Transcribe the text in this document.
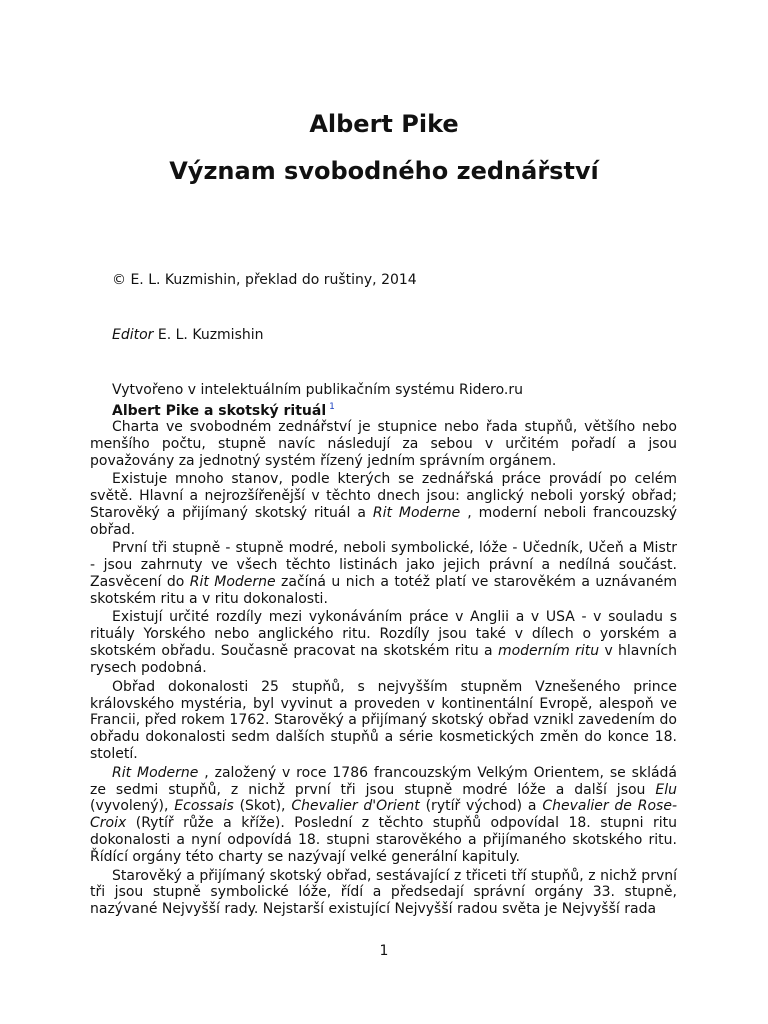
Albert Pike
Význam svobodného zednářství

© E. L. Kuzmishin, překlad do ruštiny, 2014

Editor E. L. Kuzmishin

Vytvořeno v intelektuálním publikačním systému Ridero.ru

Albert Pike a skotský rituál $^1$

Charta ve svobodném zednářství je stupnice nebo řada stupňů, většího nebo menšího počtu, stupně navíc následují za sebou v určitém pořadí a jsou považovány za jednotný systém řízený jedním správním orgánem.

Existuje mnoho stanov, podle kterých se zednářská práce provádí po celém světě. Hlavní a nejrozšířenější v těchto dnech jsou: anglický neboli yorský obřad; Starověký a přijímaný skotský rituál a Rit Moderne , moderní neboli francouzský obřad.

První tři stupně - stupně modré, neboli symbolické, lóže - Učedník, Učeň a Mistr - jsou zahrnuty ve všech těchto listinách jako jejich právní a nedílná součást. Zasvěcení do Rit Moderne začíná u nich a totéž platí ve starověkém a uznávaném skotském ritu a v ritu dokonalosti.

Existují určité rozdíly mezi vykonáváním práce v Anglii a v USA - v souladu s rituály Yorského nebo anglického ritu. Rozdíly jsou také v dílech o yorském a skotském obřadu. Současně pracovat na skotském ritu a moderním ritu v hlavních rysech podobná.

Obřad dokonalosti 25 stupňů, s nejvyšším stupněm Vznešeného prince královského mystéria, byl vyvinut a proveden v kontinentální Evropě, alespoň ve Francii, před rokem 1762. Starověký a přijímaný skotský obřad vznikl zavedením do obřadu dokonalosti sedm dalších stupňů a série kosmetických změn do konce 18. století.

Rit Moderne , založený v roce 1786 francouzským Velkým Orientem, se skládá ze sedmi stupňů, z nichž první tři jsou stupně modré lóže a další jsou Elu (vyvolený), Ecossais (Skot), Chevalier d'Orient (rytíř východ) a Chevalier de Rose-Croix (Rytíř růže a kříže). Poslední z těchto stupňů odpovídal 18. stupni ritu dokonalosti a nyní odpovídá 18. stupni starověkého a přijímaného skotského ritu. Řídící orgány této charty se nazývají velké generální kapituly.

Starověký a přijímaný skotský obřad, sestávající z třiceti tří stupňů, z nichž první tři jsou stupně symbolické lóže, řídí a předsedají správní orgány 33. stupně, nazývané Nejvyšší rady. Nejstarší existující Nejvyšší radou světa je Nejvyšší rada

1
